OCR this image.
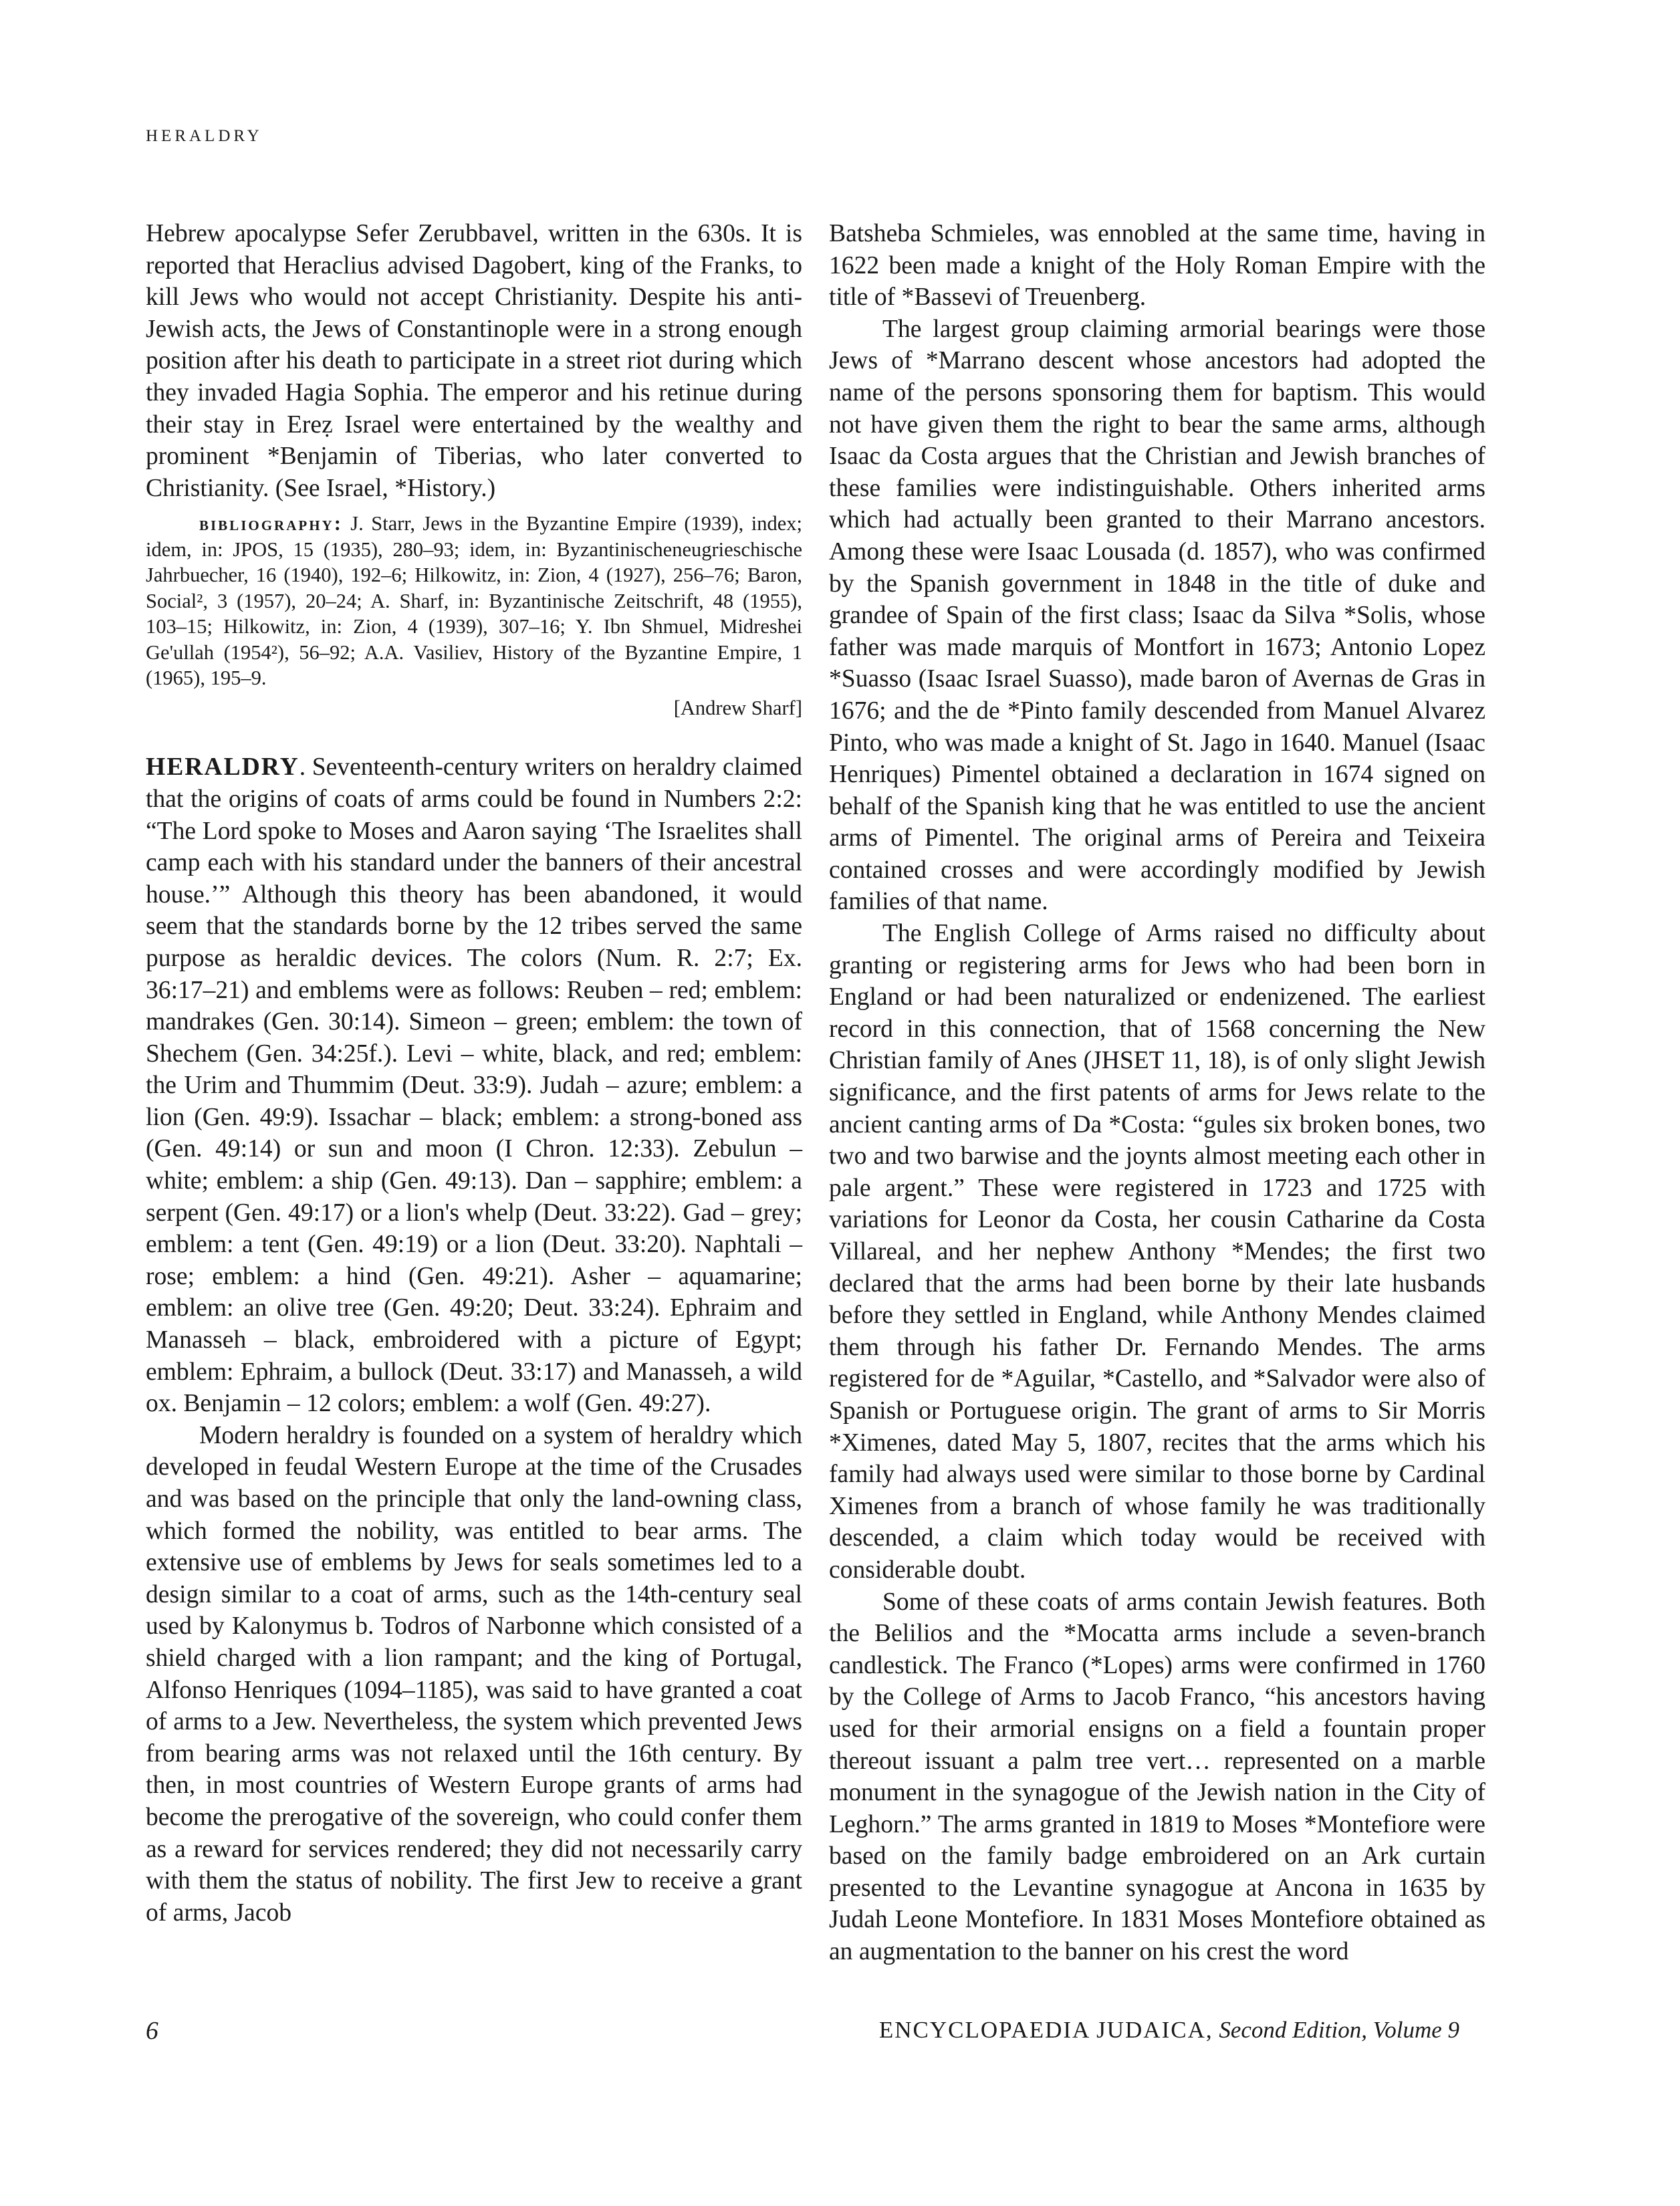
HERALDRY

Hebrew apocalypse Sefer Zerubbavel, written in the 630s. It is reported that Heraclius advised Dagobert, king of the Franks, to kill Jews who would not accept Christianity. Despite his anti-Jewish acts, the Jews of Constantinople were in a strong enough position after his death to participate in a street riot during which they invaded Hagia Sophia. The emperor and his retinue during their stay in Ereẓ Israel were entertained by the wealthy and prominent *Benjamin of Tiberias, who later converted to Christianity. (See Israel, *History.)

bibliography: J. Starr, Jews in the Byzantine Empire (1939), index; idem, in: JPOS, 15 (1935), 280–93; idem, in: Byzantinischeneugrieschische Jahrbuecher, 16 (1940), 192–6; Hilkowitz, in: Zion, 4 (1927), 256–76; Baron, Social², 3 (1957), 20–24; A. Sharf, in: Byzantinische Zeitschrift, 48 (1955), 103–15; Hilkowitz, in: Zion, 4 (1939), 307–16; Y. Ibn Shmuel, Midreshei Ge'ullah (1954²), 56–92; A.A. Vasiliev, History of the Byzantine Empire, 1 (1965), 195–9.
[Andrew Sharf]

HERALDRY. Seventeenth-century writers on heraldry claimed that the origins of coats of arms could be found in Numbers 2:2: “The Lord spoke to Moses and Aaron saying ‘The Israelites shall camp each with his standard under the banners of their ancestral house.’” Although this theory has been abandoned, it would seem that the standards borne by the 12 tribes served the same purpose as heraldic devices. The colors (Num. R. 2:7; Ex. 36:17–21) and emblems were as follows: Reuben – red; emblem: mandrakes (Gen. 30:14). Simeon – green; emblem: the town of Shechem (Gen. 34:25f.). Levi – white, black, and red; emblem: the Urim and Thummim (Deut. 33:9). Judah – azure; emblem: a lion (Gen. 49:9). Issachar – black; emblem: a strong-boned ass (Gen. 49:14) or sun and moon (I Chron. 12:33). Zebulun – white; emblem: a ship (Gen. 49:13). Dan – sapphire; emblem: a serpent (Gen. 49:17) or a lion's whelp (Deut. 33:22). Gad – grey; emblem: a tent (Gen. 49:19) or a lion (Deut. 33:20). Naphtali – rose; emblem: a hind (Gen. 49:21). Asher – aquamarine; emblem: an olive tree (Gen. 49:20; Deut. 33:24). Ephraim and Manasseh – black, embroidered with a picture of Egypt; emblem: Ephraim, a bullock (Deut. 33:17) and Manasseh, a wild ox. Benjamin – 12 colors; emblem: a wolf (Gen. 49:27).

Modern heraldry is founded on a system of heraldry which developed in feudal Western Europe at the time of the Crusades and was based on the principle that only the land-owning class, which formed the nobility, was entitled to bear arms. The extensive use of emblems by Jews for seals sometimes led to a design similar to a coat of arms, such as the 14th-century seal used by Kalonymus b. Todros of Narbonne which consisted of a shield charged with a lion rampant; and the king of Portugal, Alfonso Henriques (1094–1185), was said to have granted a coat of arms to a Jew. Nevertheless, the system which prevented Jews from bearing arms was not relaxed until the 16th century. By then, in most countries of Western Europe grants of arms had become the prerogative of the sovereign, who could confer them as a reward for services rendered; they did not necessarily carry with them the status of nobility. The first Jew to receive a grant of arms, Jacob

Batsheba Schmieles, was ennobled at the same time, having in 1622 been made a knight of the Holy Roman Empire with the title of *Bassevi of Treuenberg.

The largest group claiming armorial bearings were those Jews of *Marrano descent whose ancestors had adopted the name of the persons sponsoring them for baptism. This would not have given them the right to bear the same arms, although Isaac da Costa argues that the Christian and Jewish branches of these families were indistinguishable. Others inherited arms which had actually been granted to their Marrano ancestors. Among these were Isaac Lousada (d. 1857), who was confirmed by the Spanish government in 1848 in the title of duke and grandee of Spain of the first class; Isaac da Silva *Solis, whose father was made marquis of Montfort in 1673; Antonio Lopez *Suasso (Isaac Israel Suasso), made baron of Avernas de Gras in 1676; and the de *Pinto family descended from Manuel Alvarez Pinto, who was made a knight of St. Jago in 1640. Manuel (Isaac Henriques) Pimentel obtained a declaration in 1674 signed on behalf of the Spanish king that he was entitled to use the ancient arms of Pimentel. The original arms of Pereira and Teixeira contained crosses and were accordingly modified by Jewish families of that name.

The English College of Arms raised no difficulty about granting or registering arms for Jews who had been born in England or had been naturalized or endenizened. The earliest record in this connection, that of 1568 concerning the New Christian family of Anes (JHSET 11, 18), is of only slight Jewish significance, and the first patents of arms for Jews relate to the ancient canting arms of Da *Costa: “gules six broken bones, two two and two barwise and the joynts almost meeting each other in pale argent.” These were registered in 1723 and 1725 with variations for Leonor da Costa, her cousin Catharine da Costa Villareal, and her nephew Anthony *Mendes; the first two declared that the arms had been borne by their late husbands before they settled in England, while Anthony Mendes claimed them through his father Dr. Fernando Mendes. The arms registered for de *Aguilar, *Castello, and *Salvador were also of Spanish or Portuguese origin. The grant of arms to Sir Morris *Ximenes, dated May 5, 1807, recites that the arms which his family had always used were similar to those borne by Cardinal Ximenes from a branch of whose family he was traditionally descended, a claim which today would be received with considerable doubt.

Some of these coats of arms contain Jewish features. Both the Belilios and the *Mocatta arms include a seven-branch candlestick. The Franco (*Lopes) arms were confirmed in 1760 by the College of Arms to Jacob Franco, “his ancestors having used for their armorial ensigns on a field a fountain proper thereout issuant a palm tree vert… represented on a marble monument in the synagogue of the Jewish nation in the City of Leghorn.” The arms granted in 1819 to Moses *Montefiore were based on the family badge embroidered on an Ark curtain presented to the Levantine synagogue at Ancona in 1635 by Judah Leone Montefiore. In 1831 Moses Montefiore obtained as an augmentation to the banner on his crest the word

6	ENCYCLOPAEDIA JUDAICA, Second Edition, Volume 9
